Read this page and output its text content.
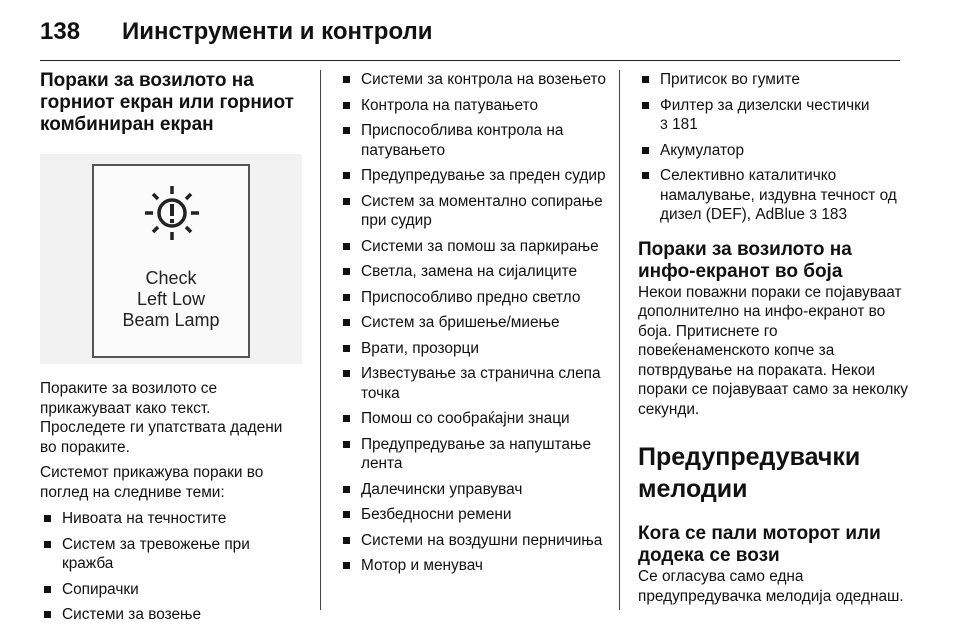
138 Иинструменти и контроли
Пораки за возилото на горниот екран или горниот комбиниран екран
Check
Left Low
Beam Lamp

Пораките за возилото се прикажуваат како текст.

Проследете ги упатствата дадени во пораките.

Системот прикажува пораки во поглед на следниве теми:

Нивоата на течностите
Систем за тревожење при кражба
Сопирачки
Системи за возење
Системи за контрола на возењето
Контрола на патувањето
Приспособлива контрола на патувањето
Предупредување за преден судир
Систем за моментално сопирање при судир
Системи за помош за паркирање
Светла, замена на сијалиците
Приспособливо предно светло
Систем за бришење/миење
Врати, прозорци
Известување за странична слепа точка
Помош со сообраќајни знаци
Предупредување за напуштање лента
Далечински управувач
Безбедносни ремени
Системи на воздушни перничиња
Мотор и менувач
Притисок во гумите
Филтер за дизелски честички
3 181
Акумулатор
Селективно каталитичко намалување, издувна течност од дизел (DEF), AdBlue 3 183
Пораки за возилото на инфо-екранот во боја

Некои поважни пораки се појавуваат дополнително на инфо-екранот во боја. Притиснете го повеќенаменското копче за потврдување на пораката. Некои пораки се појавуваат само за неколку секунди.

Предупредувачки мелодии
Кога се пали моторот или додека се вози

Се огласува само една предупредувачка мелодија одеднаш.
